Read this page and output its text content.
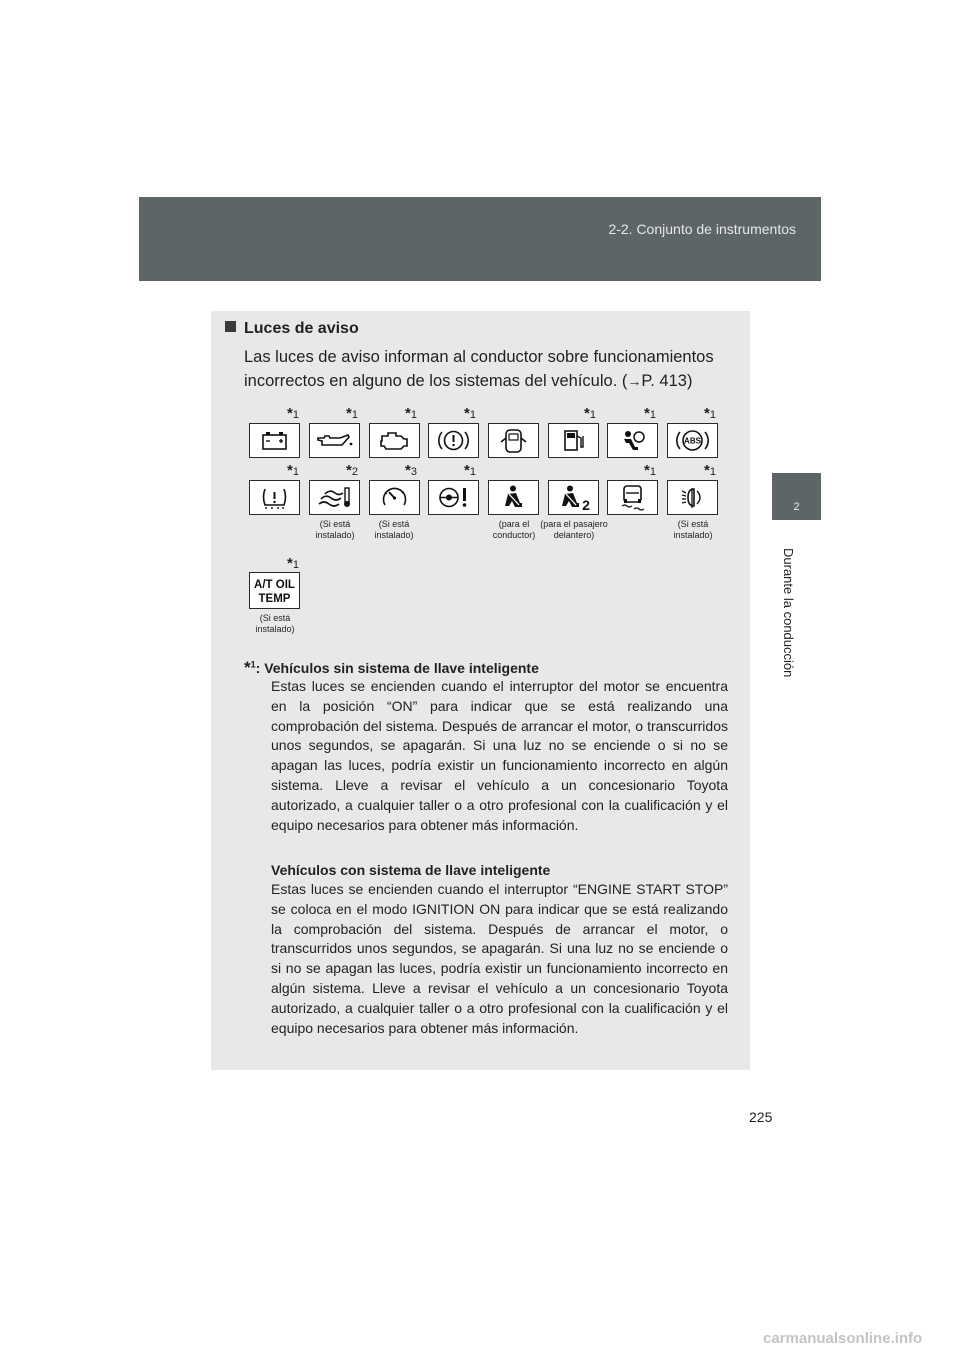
2-2. Conjunto de instrumentos
2
Durante la conducción
Luces de aviso
Las luces de aviso informan al conductor sobre funcionamientos incorrectos en alguno de los sistemas del vehículo. (→P. 413)
*1	*1	*1	*1	*1	*1	*1
ABS
*1	*2	*3	*1	*1	*1
2
(Si está instalado)
(Si está instalado)
(para el conductor)
(para el pasajero delantero)
(Si está instalado)
*1
A/T OIL
TEMP
(Si está instalado)
*$^1$: Vehículos sin sistema de llave inteligente
Estas luces se encienden cuando el interruptor del motor se encuentra en la posición “ON” para indicar que se está realizando una comprobación del sistema. Después de arrancar el motor, o transcurridos unos segundos, se apagarán. Si una luz no se enciende o si no se apagan las luces, podría existir un funcionamiento incorrecto en algún sistema. Lleve a revisar el vehículo a un concesionario Toyota autorizado, a cualquier taller o a otro profesional con la cualificación y el equipo necesarios para obtener más información.
Vehículos con sistema de llave inteligente
Estas luces se encienden cuando el interruptor “ENGINE START STOP” se coloca en el modo IGNITION ON para indicar que se está realizando la comprobación del sistema. Después de arrancar el motor, o transcurridos unos segundos, se apagarán. Si una luz no se enciende o si no se apagan las luces, podría existir un funcionamiento incorrecto en algún sistema. Lleve a revisar el vehículo a un concesionario Toyota autorizado, a cualquier taller o a otro profesional con la cualificación y el equipo necesarios para obtener más información.
225
carmanualsonline.info
